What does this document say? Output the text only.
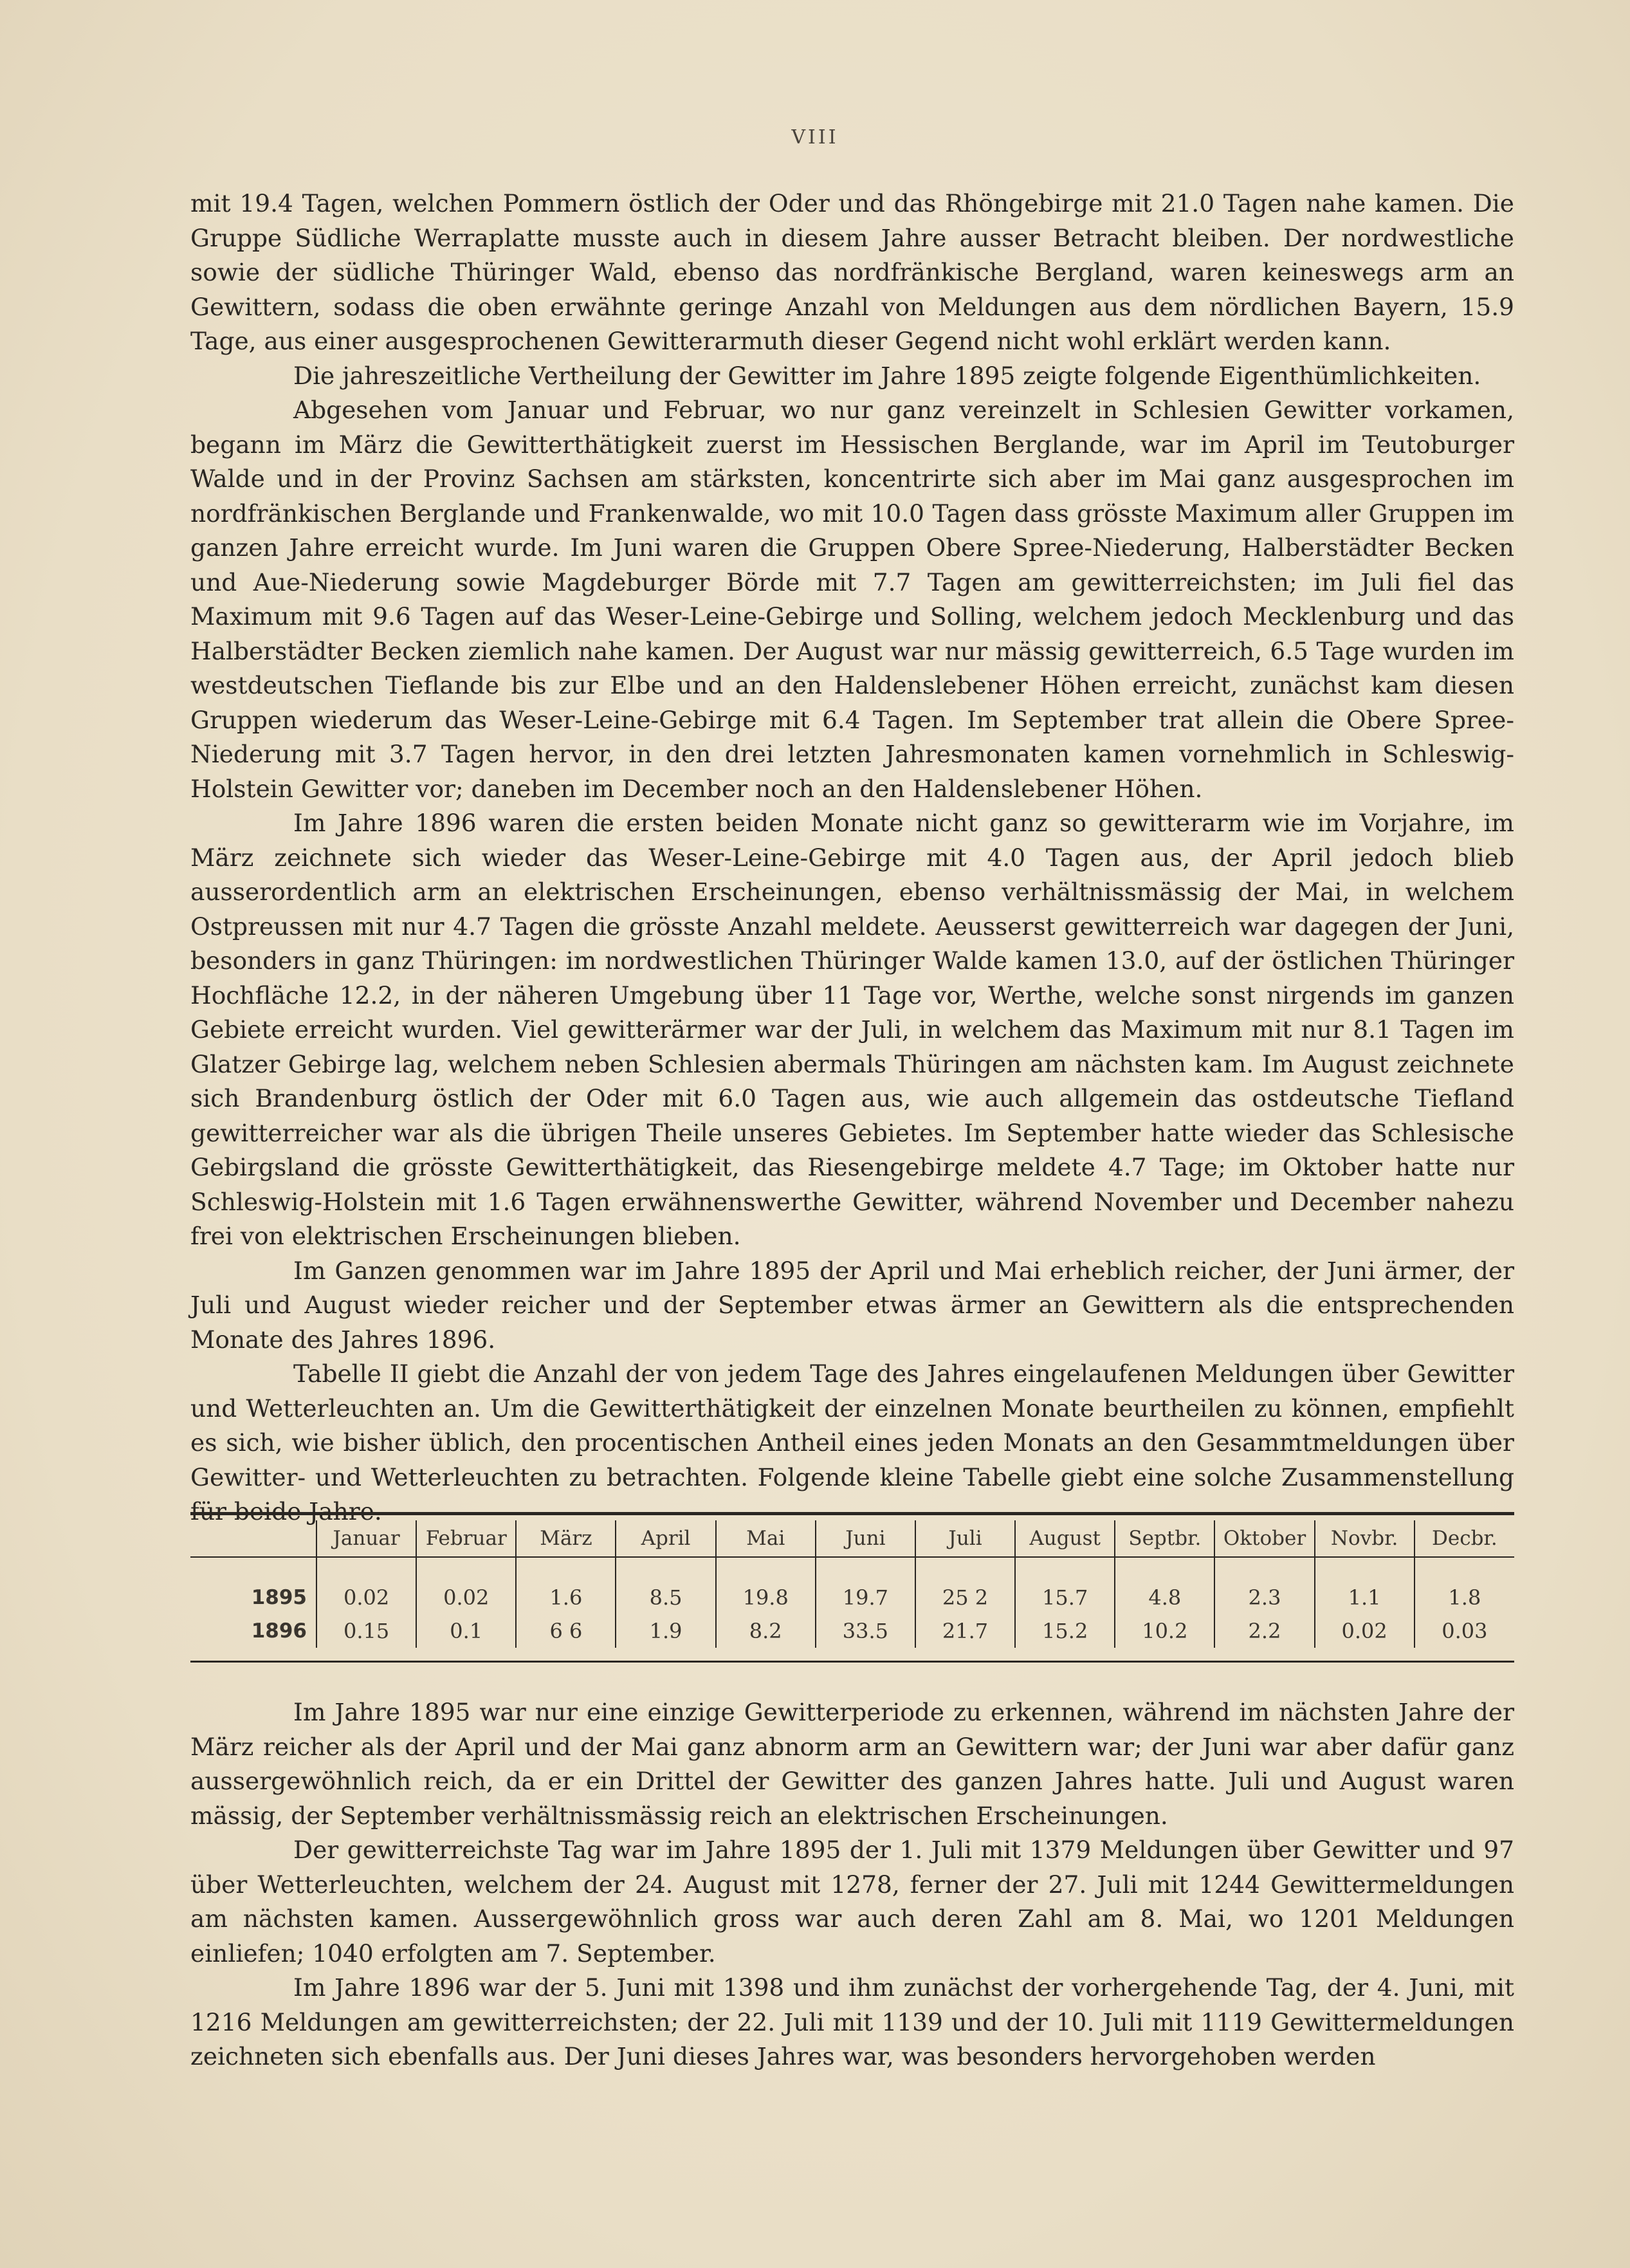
VIII

mit 19.4 Tagen, welchen Pommern östlich der Oder und das Rhöngebirge mit 21.0 Tagen nahe kamen. Die Gruppe Südliche Werraplatte musste auch in diesem Jahre ausser Betracht bleiben. Der nordwestliche sowie der südliche Thüringer Wald, ebenso das nordfränkische Bergland, waren keineswegs arm an Gewittern, sodass die oben erwähnte geringe Anzahl von Meldungen aus dem nördlichen Bayern, 15.9 Tage, aus einer ausgesprochenen Gewitterarmuth dieser Gegend nicht wohl erklärt werden kann.

Die jahreszeitliche Vertheilung der Gewitter im Jahre 1895 zeigte folgende Eigenthümlichkeiten.

Abgesehen vom Januar und Februar, wo nur ganz vereinzelt in Schlesien Gewitter vorkamen, begann im März die Gewitterthätigkeit zuerst im Hessischen Berglande, war im April im Teutoburger Walde und in der Provinz Sachsen am stärksten, koncentrirte sich aber im Mai ganz ausgesprochen im nordfränkischen Berglande und Frankenwalde, wo mit 10.0 Tagen dass grösste Maximum aller Gruppen im ganzen Jahre erreicht wurde. Im Juni waren die Gruppen Obere Spree-Niederung, Halberstädter Becken und Aue-Niederung sowie Magdeburger Börde mit 7.7 Tagen am gewitterreichsten; im Juli fiel das Maximum mit 9.6 Tagen auf das Weser-Leine-Gebirge und Solling, welchem jedoch Mecklenburg und das Halberstädter Becken ziemlich nahe kamen. Der August war nur mässig gewitterreich, 6.5 Tage wurden im westdeutschen Tieflande bis zur Elbe und an den Haldenslebener Höhen erreicht, zunächst kam diesen Gruppen wiederum das Weser-Leine-Gebirge mit 6.4 Tagen. Im September trat allein die Obere Spree-Niederung mit 3.7 Tagen hervor, in den drei letzten Jahresmonaten kamen vornehmlich in Schleswig-Holstein Gewitter vor; daneben im December noch an den Haldenslebener Höhen.

Im Jahre 1896 waren die ersten beiden Monate nicht ganz so gewitterarm wie im Vorjahre, im März zeichnete sich wieder das Weser-Leine-Gebirge mit 4.0 Tagen aus, der April jedoch blieb ausserordentlich arm an elektrischen Erscheinungen, ebenso verhältnissmässig der Mai, in welchem Ostpreussen mit nur 4.7 Tagen die grösste Anzahl meldete. Aeusserst gewitterreich war dagegen der Juni, besonders in ganz Thüringen: im nordwestlichen Thüringer Walde kamen 13.0, auf der östlichen Thüringer Hochfläche 12.2, in der näheren Umgebung über 11 Tage vor, Werthe, welche sonst nirgends im ganzen Gebiete erreicht wurden. Viel gewitterärmer war der Juli, in welchem das Maximum mit nur 8.1 Tagen im Glatzer Gebirge lag, welchem neben Schlesien abermals Thüringen am nächsten kam. Im August zeichnete sich Brandenburg östlich der Oder mit 6.0 Tagen aus, wie auch allgemein das ostdeutsche Tiefland gewitterreicher war als die übrigen Theile unseres Gebietes. Im September hatte wieder das Schlesische Gebirgsland die grösste Gewitterthätigkeit, das Riesengebirge meldete 4.7 Tage; im Oktober hatte nur Schleswig-Holstein mit 1.6 Tagen erwähnenswerthe Gewitter, während November und December nahezu frei von elektrischen Erscheinungen blieben.

Im Ganzen genommen war im Jahre 1895 der April und Mai erheblich reicher, der Juni ärmer, der Juli und August wieder reicher und der September etwas ärmer an Gewittern als die entsprechenden Monate des Jahres 1896.

Tabelle II giebt die Anzahl der von jedem Tage des Jahres eingelaufenen Meldungen über Gewitter und Wetterleuchten an. Um die Gewitterthätigkeit der einzelnen Monate beurtheilen zu können, empfiehlt es sich, wie bisher üblich, den procentischen Antheil eines jeden Monats an den Gesammtmeldungen über Gewitter- und Wetterleuchten zu betrachten. Folgende kleine Tabelle giebt eine solche Zusammenstellung für beide Jahre.

	Januar	Februar	März	April	Mai	Juni	Juli	August	Septbr.	Oktober	Novbr.	Decbr.
1895	0.02	0.02	1.6	8.5	19.8	19.7	25 2	15.7	4.8	2.3	1.1	1.8
1896	0.15	0.1	6 6	1.9	8.2	33.5	21.7	15.2	10.2	2.2	0.02	0.03

Im Jahre 1895 war nur eine einzige Gewitterperiode zu erkennen, während im nächsten Jahre der März reicher als der April und der Mai ganz abnorm arm an Gewittern war; der Juni war aber dafür ganz aussergewöhnlich reich, da er ein Drittel der Gewitter des ganzen Jahres hatte. Juli und August waren mässig, der September verhältnissmässig reich an elektrischen Erscheinungen.

Der gewitterreichste Tag war im Jahre 1895 der 1. Juli mit 1379 Meldungen über Gewitter und 97 über Wetterleuchten, welchem der 24. August mit 1278, ferner der 27. Juli mit 1244 Gewittermeldungen am nächsten kamen. Aussergewöhnlich gross war auch deren Zahl am 8. Mai, wo 1201 Meldungen einliefen; 1040 erfolgten am 7. September.

Im Jahre 1896 war der 5. Juni mit 1398 und ihm zunächst der vorhergehende Tag, der 4. Juni, mit 1216 Meldungen am gewitterreichsten; der 22. Juli mit 1139 und der 10. Juli mit 1119 Gewittermeldungen zeichneten sich ebenfalls aus. Der Juni dieses Jahres war, was besonders hervorgehoben werden
